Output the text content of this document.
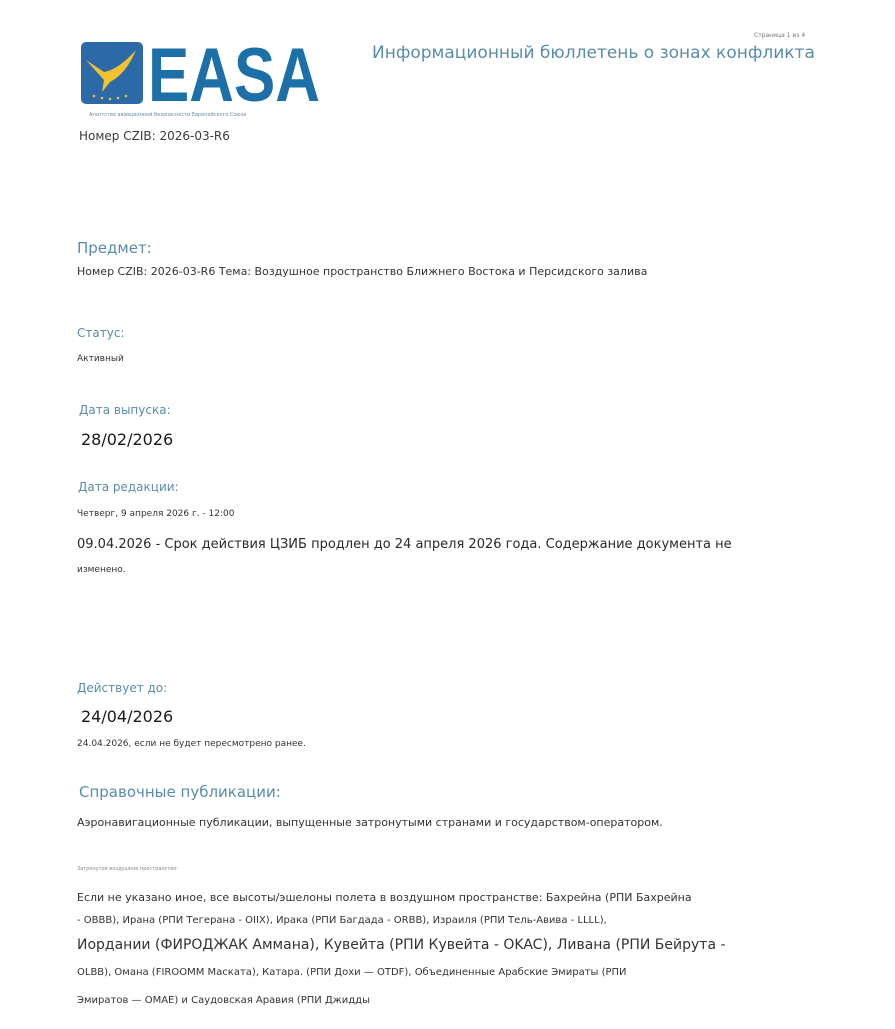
Страница 1 из 4
EASA
Агентство авиационной безопасности Европейского Союза
Информационный бюллетень о зонах конфликта
Номер CZIB: 2026-03-R6
Предмет:
Номер CZIB: 2026-03-R6 Тема: Воздушное пространство Ближнего Востока и Персидского залива
Статус:
Активный
Дата выпуска:
28/02/2026
Дата редакции:
Четверг, 9 апреля 2026 г. - 12:00
09.04.2026 - Срок действия ЦЗИБ продлен до 24 апреля 2026 года. Содержание документа не
изменено.
Действует до:
24/04/2026
24.04.2026, если не будет пересмотрено ранее.
Справочные публикации:
Аэронавигационные публикации, выпущенные затронутыми странами и государством-оператором.
Затронутое воздушное пространство:
Если не указано иное, все высоты/эшелоны полета в воздушном пространстве: Бахрейна (РПИ Бахрейна
- OBBB), Ирана (РПИ Тегерана - OIIX), Ирака (РПИ Багдада - ORBB), Израиля (РПИ Тель-Авива - LLLL),
Иордании (ФИРОДЖАК Аммана), Кувейта (РПИ Кувейта - OKAC), Ливана (РПИ Бейрута -
OLBB), Омана (FIROOMM Маската), Катара. (РПИ Дохи — OTDF), Объединенные Арабские Эмираты (РПИ
Эмиратов — OMAE) и Саудовская Аравия (РПИ Джидды
